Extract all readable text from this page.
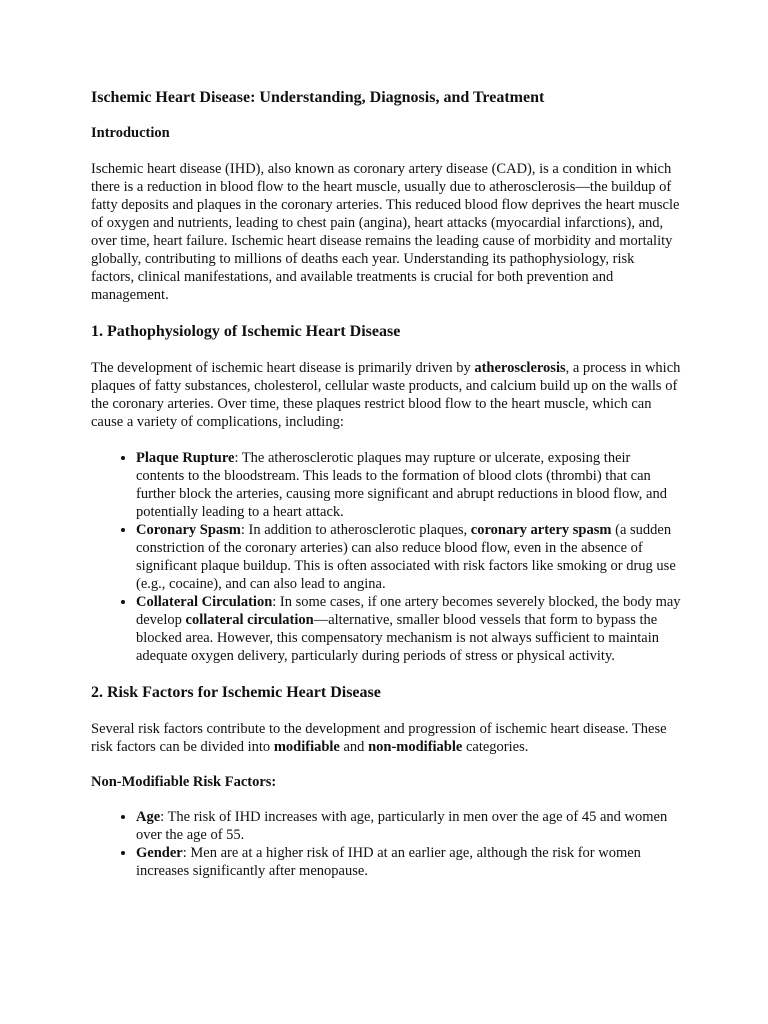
Ischemic Heart Disease: Understanding, Diagnosis, and Treatment
Introduction

Ischemic heart disease (IHD), also known as coronary artery disease (CAD), is a condition in which there is a reduction in blood flow to the heart muscle, usually due to atherosclerosis—the buildup of fatty deposits and plaques in the coronary arteries. This reduced blood flow deprives the heart muscle of oxygen and nutrients, leading to chest pain (angina), heart attacks (myocardial infarctions), and, over time, heart failure. Ischemic heart disease remains the leading cause of morbidity and mortality globally, contributing to millions of deaths each year. Understanding its pathophysiology, risk factors, clinical manifestations, and available treatments is crucial for both prevention and management.

1. Pathophysiology of Ischemic Heart Disease

The development of ischemic heart disease is primarily driven by atherosclerosis, a process in which plaques of fatty substances, cholesterol, cellular waste products, and calcium build up on the walls of the coronary arteries. Over time, these plaques restrict blood flow to the heart muscle, which can cause a variety of complications, including:

• Plaque Rupture: The atherosclerotic plaques may rupture or ulcerate, exposing their contents to the bloodstream. This leads to the formation of blood clots (thrombi) that can further block the arteries, causing more significant and abrupt reductions in blood flow, and potentially leading to a heart attack.
• Coronary Spasm: In addition to atherosclerotic plaques, coronary artery spasm (a sudden constriction of the coronary arteries) can also reduce blood flow, even in the absence of significant plaque buildup. This is often associated with risk factors like smoking or drug use (e.g., cocaine), and can also lead to angina.
• Collateral Circulation: In some cases, if one artery becomes severely blocked, the body may develop collateral circulation—alternative, smaller blood vessels that form to bypass the blocked area. However, this compensatory mechanism is not always sufficient to maintain adequate oxygen delivery, particularly during periods of stress or physical activity.
2. Risk Factors for Ischemic Heart Disease

Several risk factors contribute to the development and progression of ischemic heart disease. These risk factors can be divided into modifiable and non-modifiable categories.

Non-Modifiable Risk Factors:
• Age: The risk of IHD increases with age, particularly in men over the age of 45 and women over the age of 55.
• Gender: Men are at a higher risk of IHD at an earlier age, although the risk for women increases significantly after menopause.
